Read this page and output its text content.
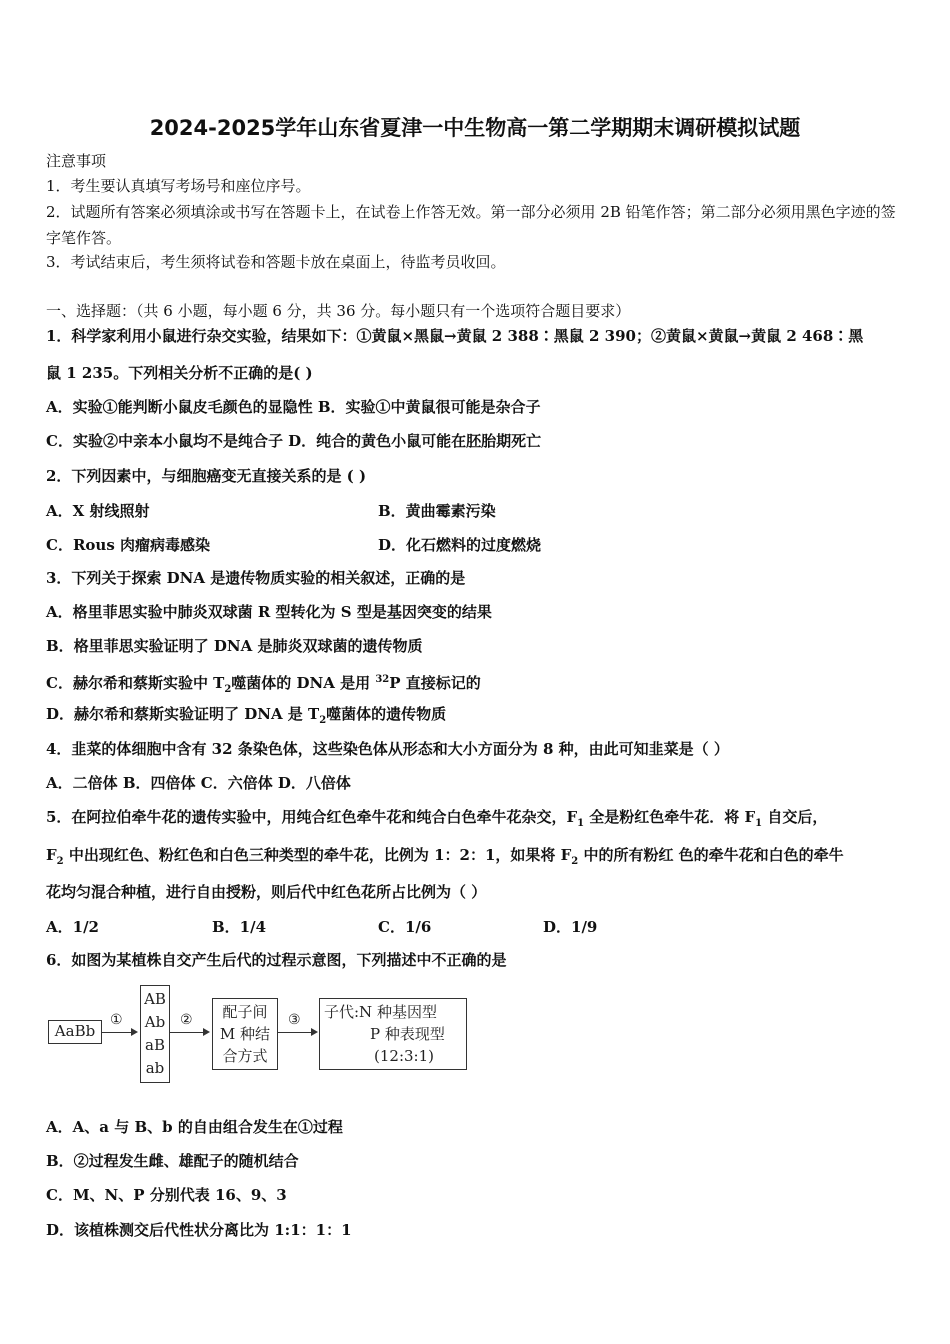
2024-2025学年山东省夏津一中生物高一第二学期期末调研模拟试题
注意事项
1．考生要认真填写考场号和座位序号。
2．试题所有答案必须填涂或书写在答题卡上，在试卷上作答无效。第一部分必须用 2B 铅笔作答；第二部分必须用黑色字迹的签字笔作答。
3．考试结束后，考生须将试卷和答题卡放在桌面上，待监考员收回。
一、选择题：（共 6 小题，每小题 6 分，共 36 分。每小题只有一个选项符合题目要求）
1．科学家利用小鼠进行杂交实验，结果如下：①黄鼠×黑鼠→黄鼠 2 388∶黑鼠 2 390；②黄鼠×黄鼠→黄鼠 2 468∶黑
鼠 1 235。下列相关分析不正确的是( )
A．实验①能判断小鼠皮毛颜色的显隐性 B．实验①中黄鼠很可能是杂合子
C．实验②中亲本小鼠均不是纯合子 D．纯合的黄色小鼠可能在胚胎期死亡
2．下列因素中，与细胞癌变无直接关系的是 ( )
A．X 射线照射	B．黄曲霉素污染
C．Rous 肉瘤病毒感染	D．化石燃料的过度燃烧
3．下列关于探索 DNA 是遗传物质实验的相关叙述，正确的是
A．格里菲思实验中肺炎双球菌 R 型转化为 S 型是基因突变的结果
B．格里菲思实验证明了 DNA 是肺炎双球菌的遗传物质
C．赫尔希和蔡斯实验中 $T_2$噬菌体的 DNA 是用 $^{32}$P 直接标记的
D．赫尔希和蔡斯实验证明了 DNA 是 $T_2$噬菌体的遗传物质
4．韭菜的体细胞中含有 32 条染色体，这些染色体从形态和大小方面分为 8 种，由此可知韭菜是（ ）
A．二倍体 B．四倍体 C．六倍体 D．八倍体
5．在阿拉伯牵牛花的遗传实验中，用纯合红色牵牛花和纯合白色牵牛花杂交，$F_1$ 全是粉红色牵牛花．将 $F_1$ 自交后，
$F_2$ 中出现红色、粉红色和白色三种类型的牵牛花，比例为 1：2：1，如果将 $F_2$ 中的所有粉红 色的牵牛花和白色的牵牛
花均匀混合种植，进行自由授粉，则后代中红色花所占比例为（ ）
A．1/2	B．1/4	C．1/6	D．1/9
6．如图为某植株自交产生后代的过程示意图，下列描述中不正确的是
AaBb
①
AB
Ab
aB
ab
②	配子间
M 种结
合方式
③ 子代:N 种基因型
P 种表现型
(12:3:1)
A．A、a 与 B、b 的自由组合发生在①过程
B．②过程发生雌、雄配子的随机结合
C．M、N、P 分别代表 16、9、3
D．该植株测交后代性状分离比为 1:1：1：1
